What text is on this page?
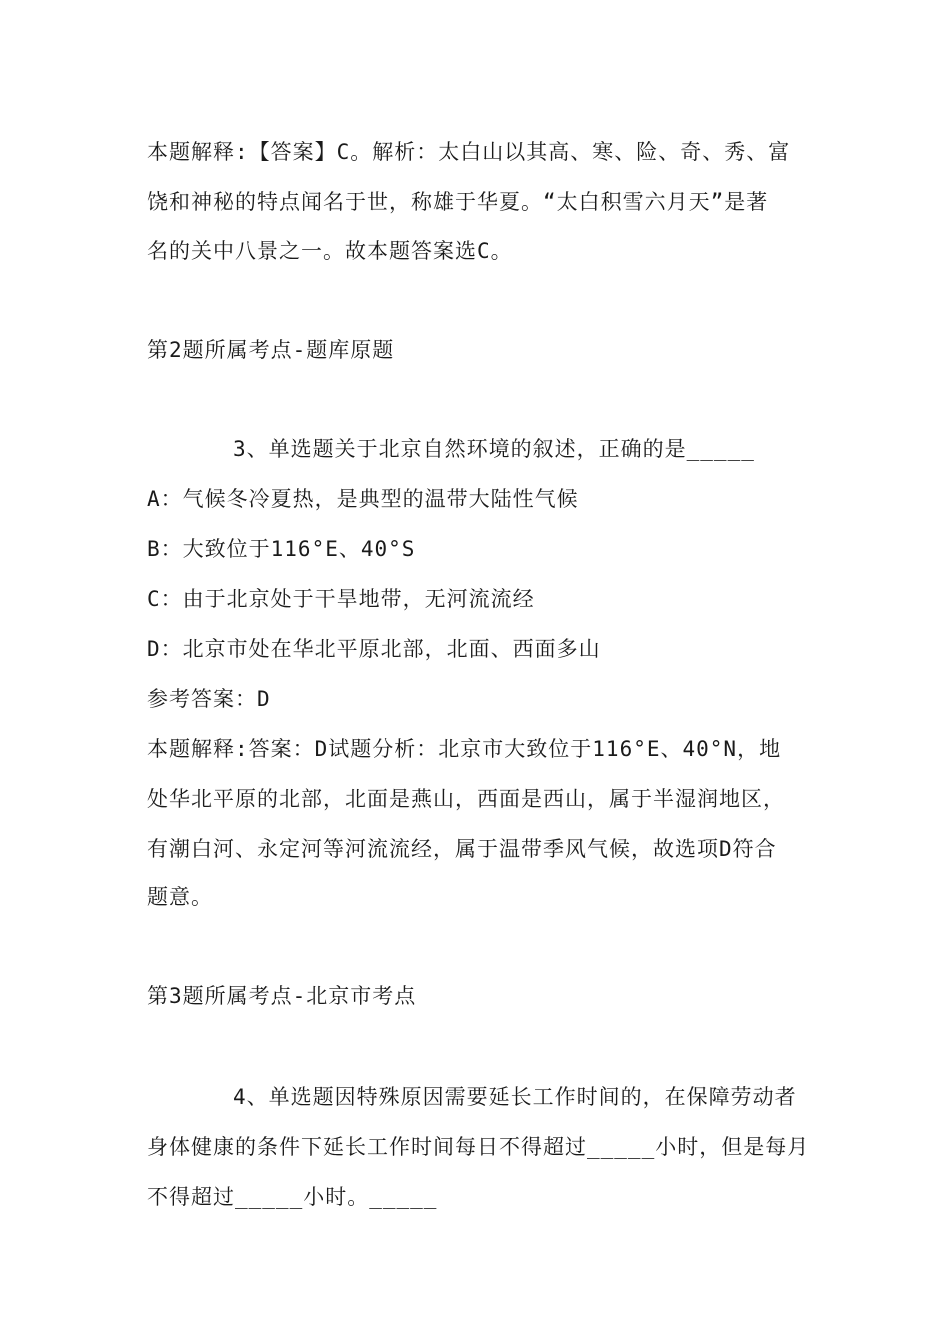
本题解释:【答案】C。解析：太白山以其高、寒、险、奇、秀、富
饶和神秘的特点闻名于世，称雄于华夏。“太白积雪六月天”是著
名的关中八景之一。故本题答案选C。
第2题所属考点-题库原题
3、单选题关于北京自然环境的叙述，正确的是_____
A：气候冬冷夏热，是典型的温带大陆性气候
B：大致位于116°E、40°S
C：由于北京处于干旱地带，无河流流经
D：北京市处在华北平原北部，北面、西面多山
参考答案：D
本题解释:答案：D试题分析：北京市大致位于116°E、40°N，地
处华北平原的北部，北面是燕山，西面是西山，属于半湿润地区，
有潮白河、永定河等河流流经，属于温带季风气候，故选项D符合
题意。
第3题所属考点-北京市考点
4、单选题因特殊原因需要延长工作时间的，在保障劳动者
身体健康的条件下延长工作时间每日不得超过_____小时，但是每月
不得超过_____小时。_____
